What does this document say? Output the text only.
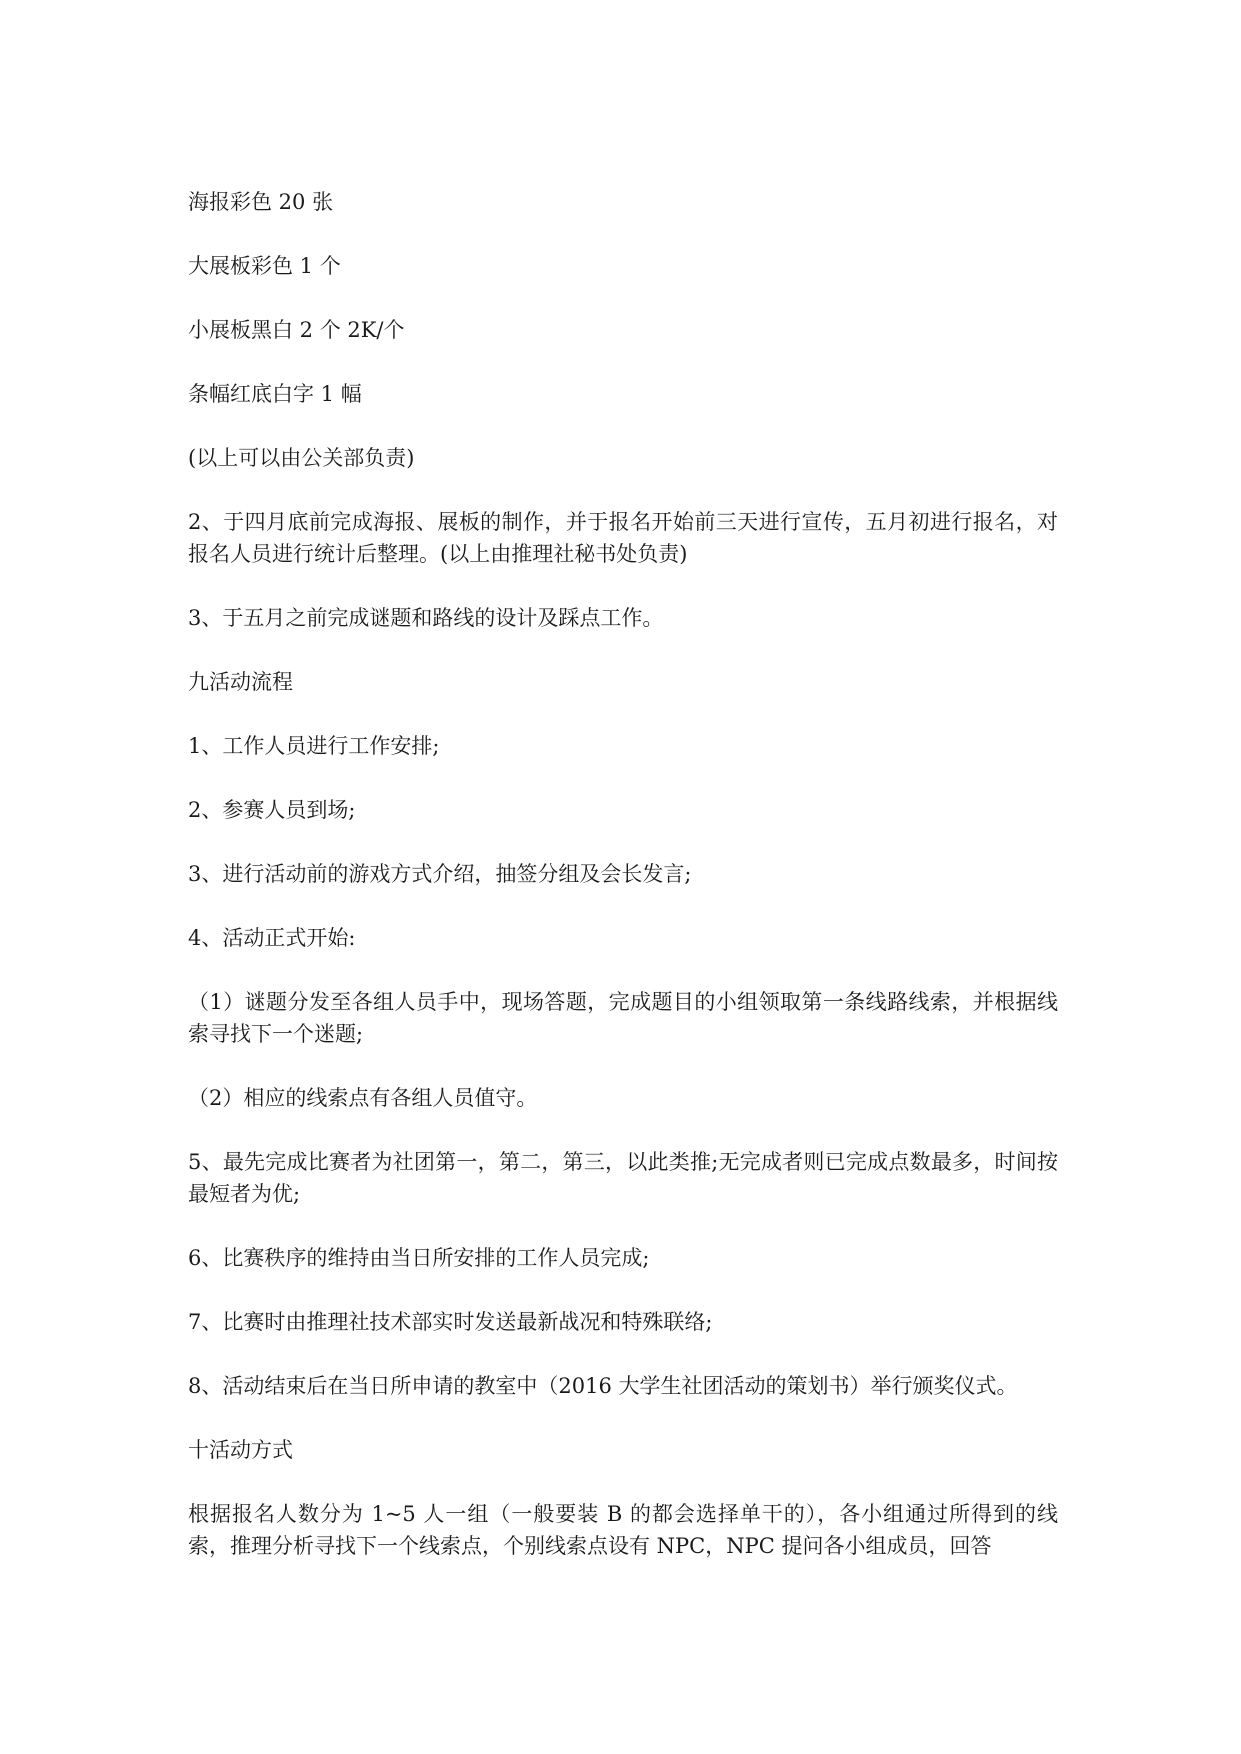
海报彩色 20 张

大展板彩色 1 个

小展板黑白 2 个 2K/个

条幅红底白字 1 幅

(以上可以由公关部负责)

2、于四月底前完成海报、展板的制作，并于报名开始前三天进行宣传，五月初进行报名，对报名人员进行统计后整理。(以上由推理社秘书处负责)

3、于五月之前完成谜题和路线的设计及踩点工作。

九活动流程

1、工作人员进行工作安排;

2、参赛人员到场;

3、进行活动前的游戏方式介绍，抽签分组及会长发言;

4、活动正式开始:

（1）谜题分发至各组人员手中，现场答题，完成题目的小组领取第一条线路线索，并根据线索寻找下一个迷题;

（2）相应的线索点有各组人员值守。

5、最先完成比赛者为社团第一，第二，第三，以此类推;无完成者则已完成点数最多，时间按最短者为优;

6、比赛秩序的维持由当日所安排的工作人员完成;

7、比赛时由推理社技术部实时发送最新战况和特殊联络;

8、活动结束后在当日所申请的教室中（2016 大学生社团活动的策划书）举行颁奖仪式。

十活动方式

根据报名人数分为 1~5 人一组（一般要装 B 的都会选择单干的），各小组通过所得到的线索，推理分析寻找下一个线索点，个别线索点设有 NPC，NPC 提问各小组成员，回答
